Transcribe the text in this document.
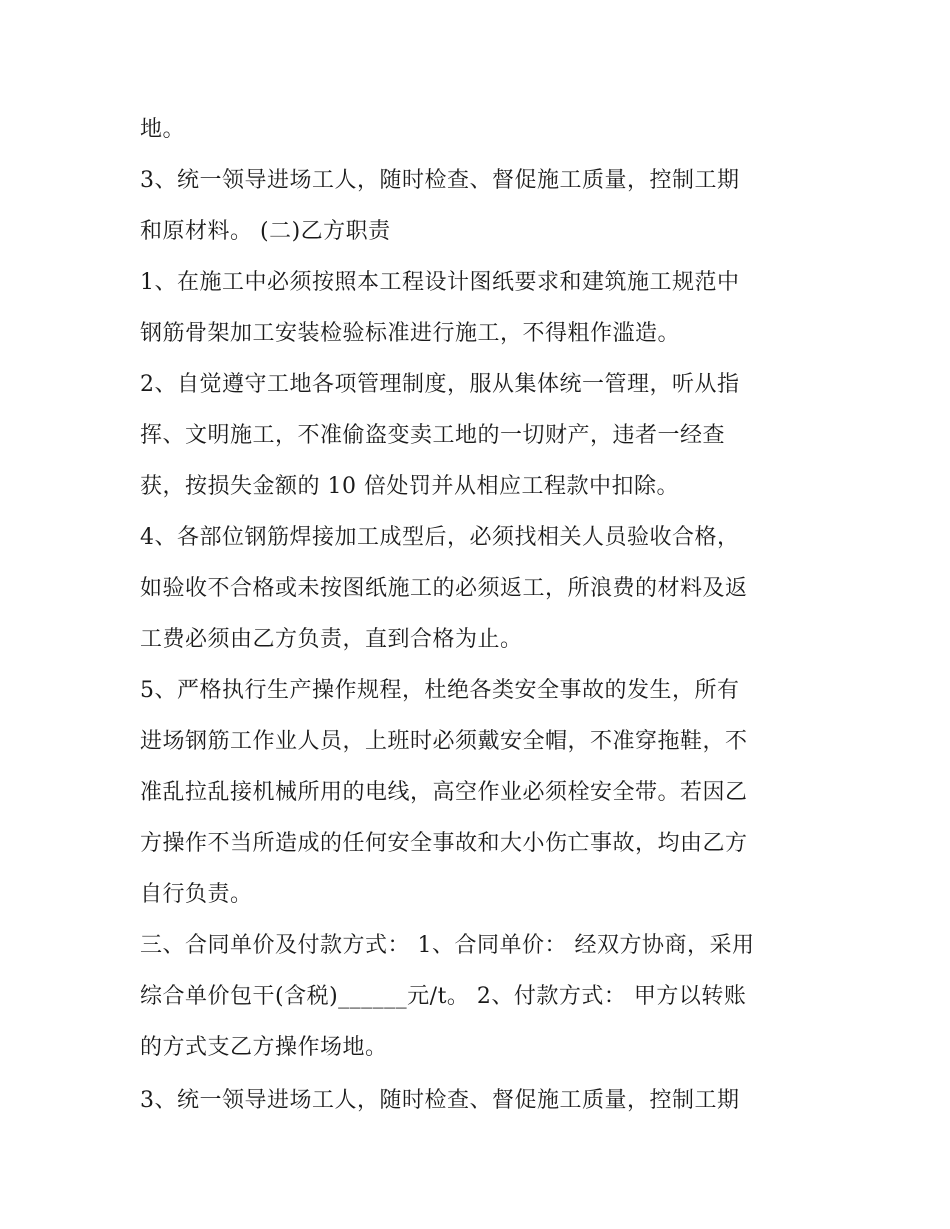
地。
3、统一领导进场工人，随时检查、督促施工质量，控制工期
和原材料。 (二)乙方职责
1、在施工中必须按照本工程设计图纸要求和建筑施工规范中
钢筋骨架加工安装检验标准进行施工，不得粗作滥造。
2、自觉遵守工地各项管理制度，服从集体统一管理，听从指
挥、文明施工，不准偷盗变卖工地的一切财产，违者一经查
获，按损失金额的 10 倍处罚并从相应工程款中扣除。
4、各部位钢筋焊接加工成型后，必须找相关人员验收合格，
如验收不合格或未按图纸施工的必须返工，所浪费的材料及返
工费必须由乙方负责，直到合格为止。
5、严格执行生产操作规程，杜绝各类安全事故的发生，所有
进场钢筋工作业人员，上班时必须戴安全帽，不准穿拖鞋，不
准乱拉乱接机械所用的电线，高空作业必须栓安全带。若因乙
方操作不当所造成的任何安全事故和大小伤亡事故，均由乙方
自行负责。
三、合同单价及付款方式： 1、合同单价： 经双方协商，采用
综合单价包干(含税)______元/t。 2、付款方式： 甲方以转账
的方式支乙方操作场地。
3、统一领导进场工人，随时检查、督促施工质量，控制工期
